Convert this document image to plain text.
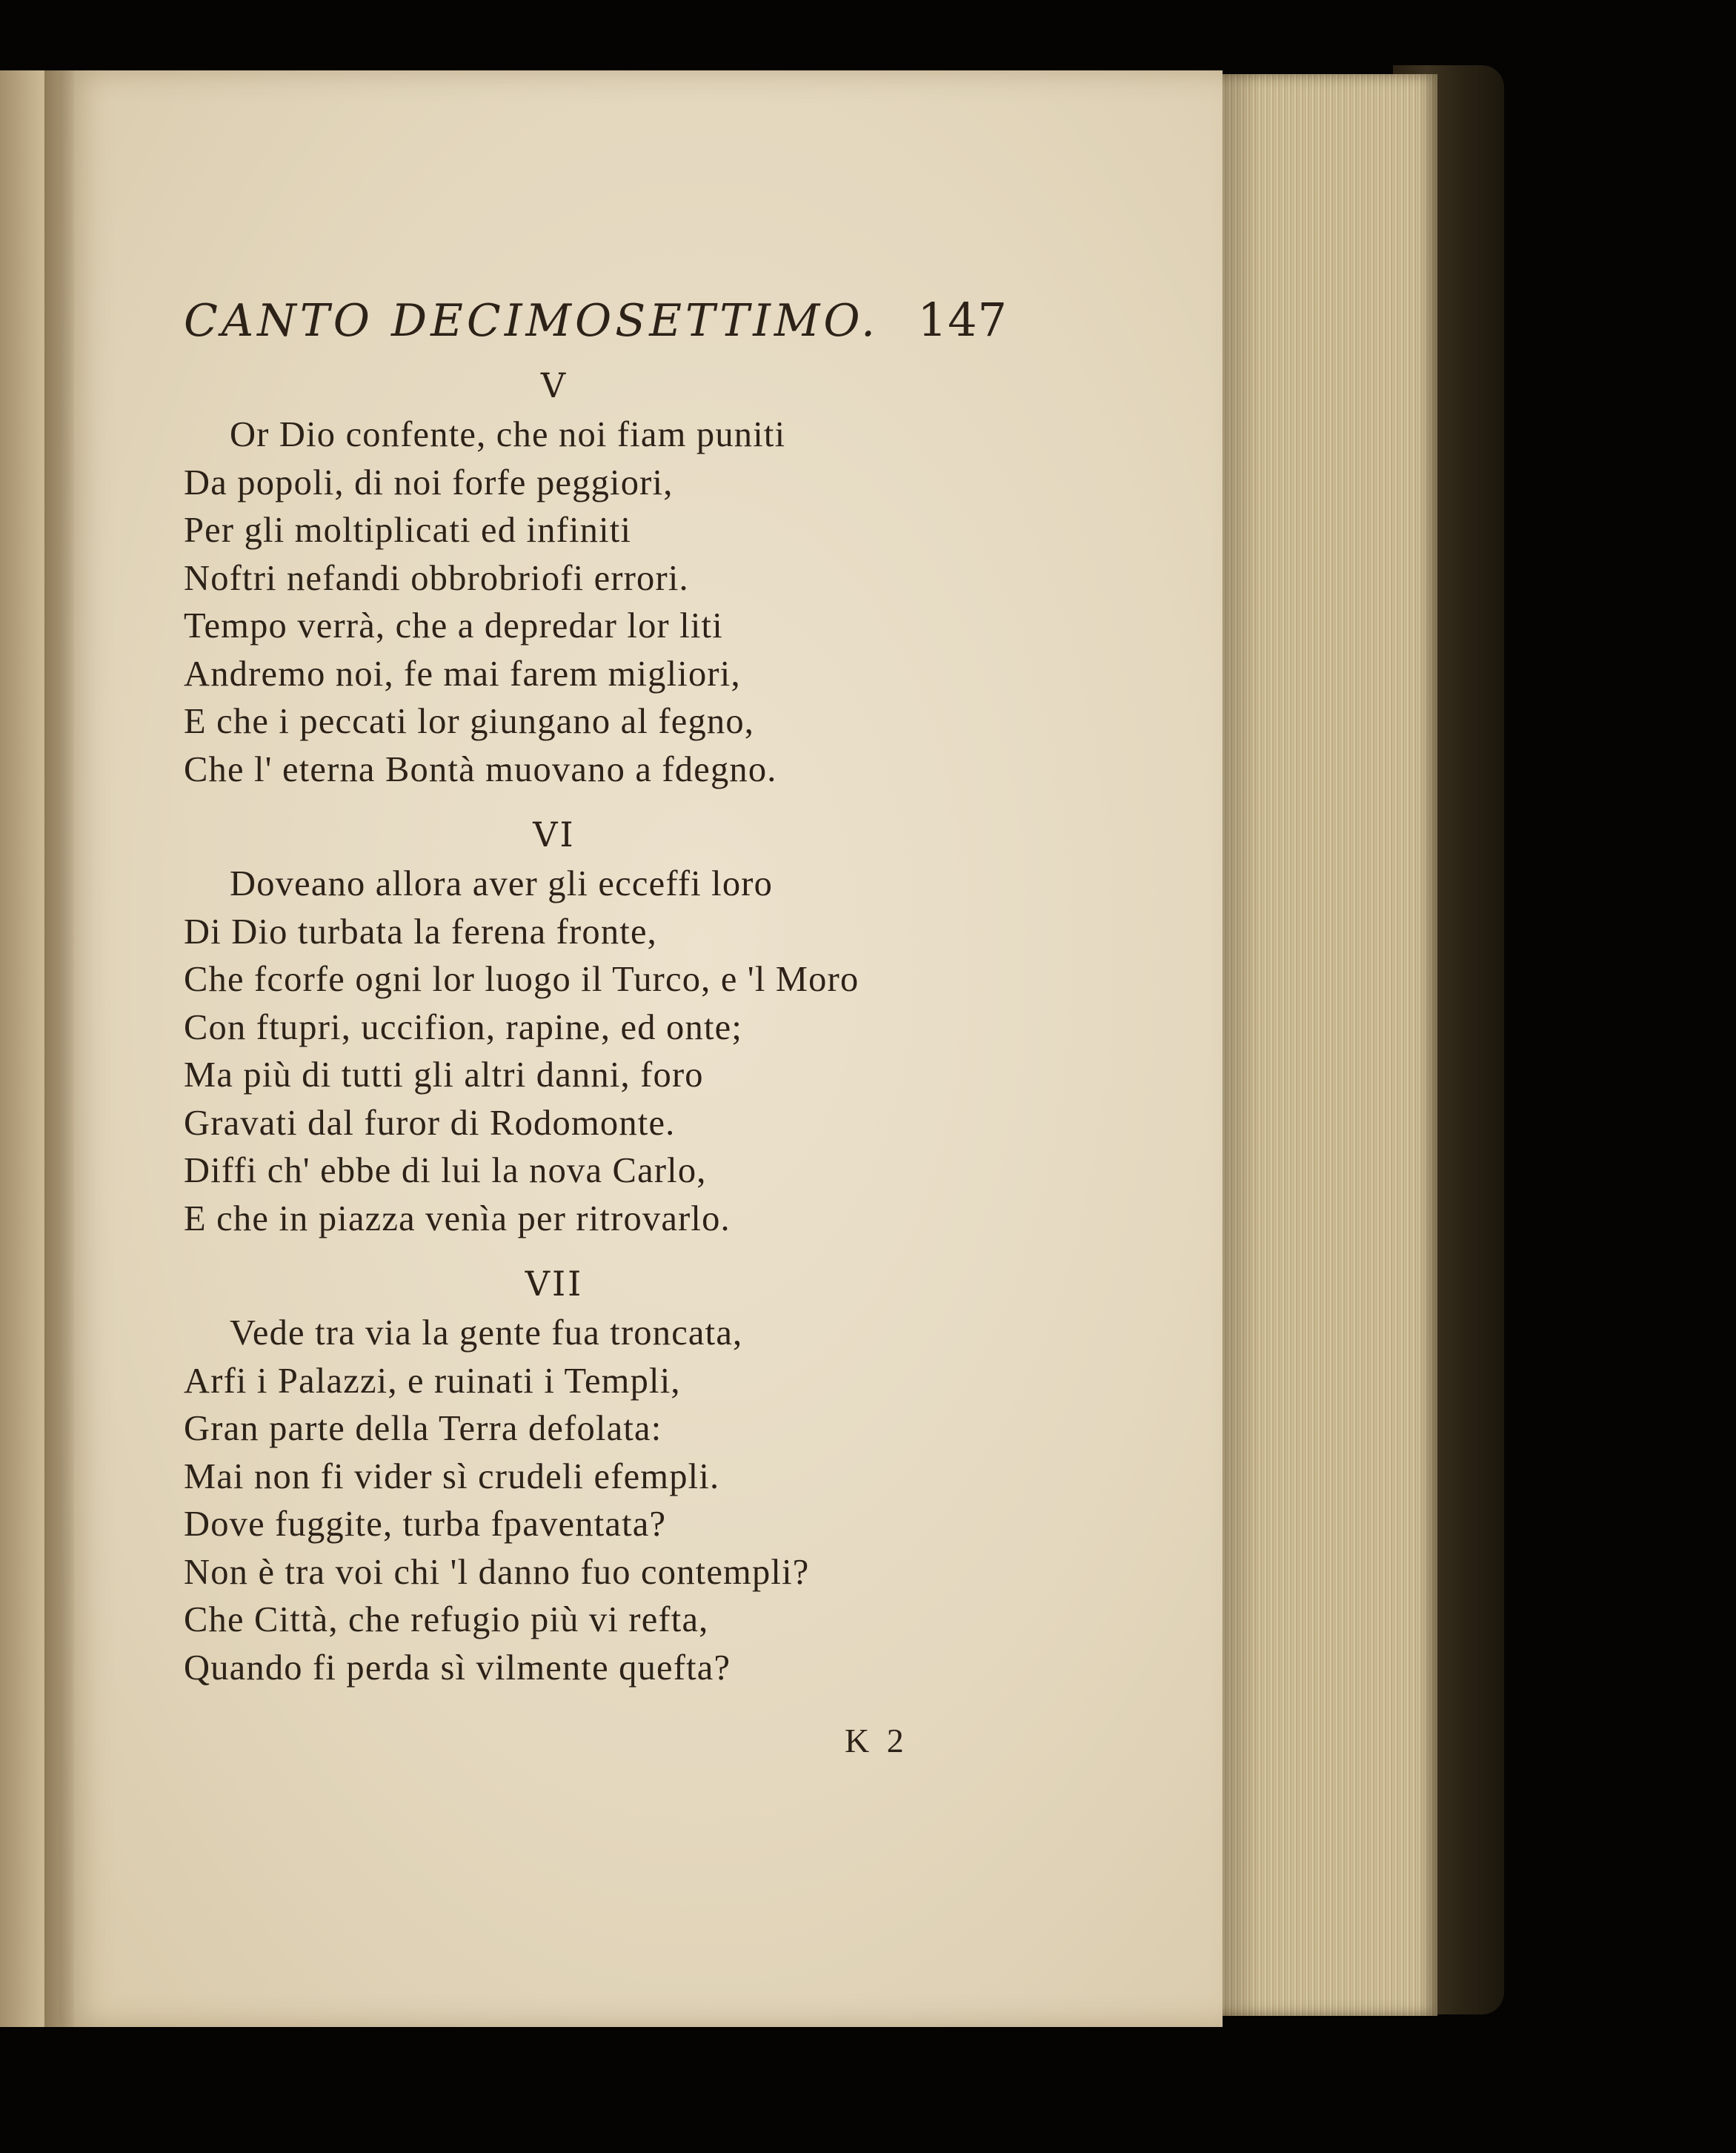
CANTO DECIMOSETTIMO. 147
V
Or Dio confente, che noi fiam puniti
Da popoli, di noi forfe peggiori,
Per gli moltiplicati ed infiniti
Noftri nefandi obbrobriofi errori.
Tempo verrà, che a depredar lor liti
Andremo noi, fe mai farem migliori,
E che i peccati lor giungano al fegno,
Che l' eterna Bontà muovano a fdegno.
VI
Doveano allora aver gli ecceffi loro
Di Dio turbata la ferena fronte,
Che fcorfe ogni lor luogo il Turco, e 'l Moro
Con ftupri, uccifion, rapine, ed onte;
Ma più di tutti gli altri danni, foro
Gravati dal furor di Rodomonte.
Diffi ch' ebbe di lui la nova Carlo,
E che in piazza venìa per ritrovarlo.
VII
Vede tra via la gente fua troncata,
Arfi i Palazzi, e ruinati i Templi,
Gran parte della Terra defolata:
Mai non fi vider sì crudeli efempli.
Dove fuggite, turba fpaventata?
Non è tra voi chi 'l danno fuo contempli?
Che Città, che refugio più vi refta,
Quando fi perda sì vilmente quefta?
K 2
